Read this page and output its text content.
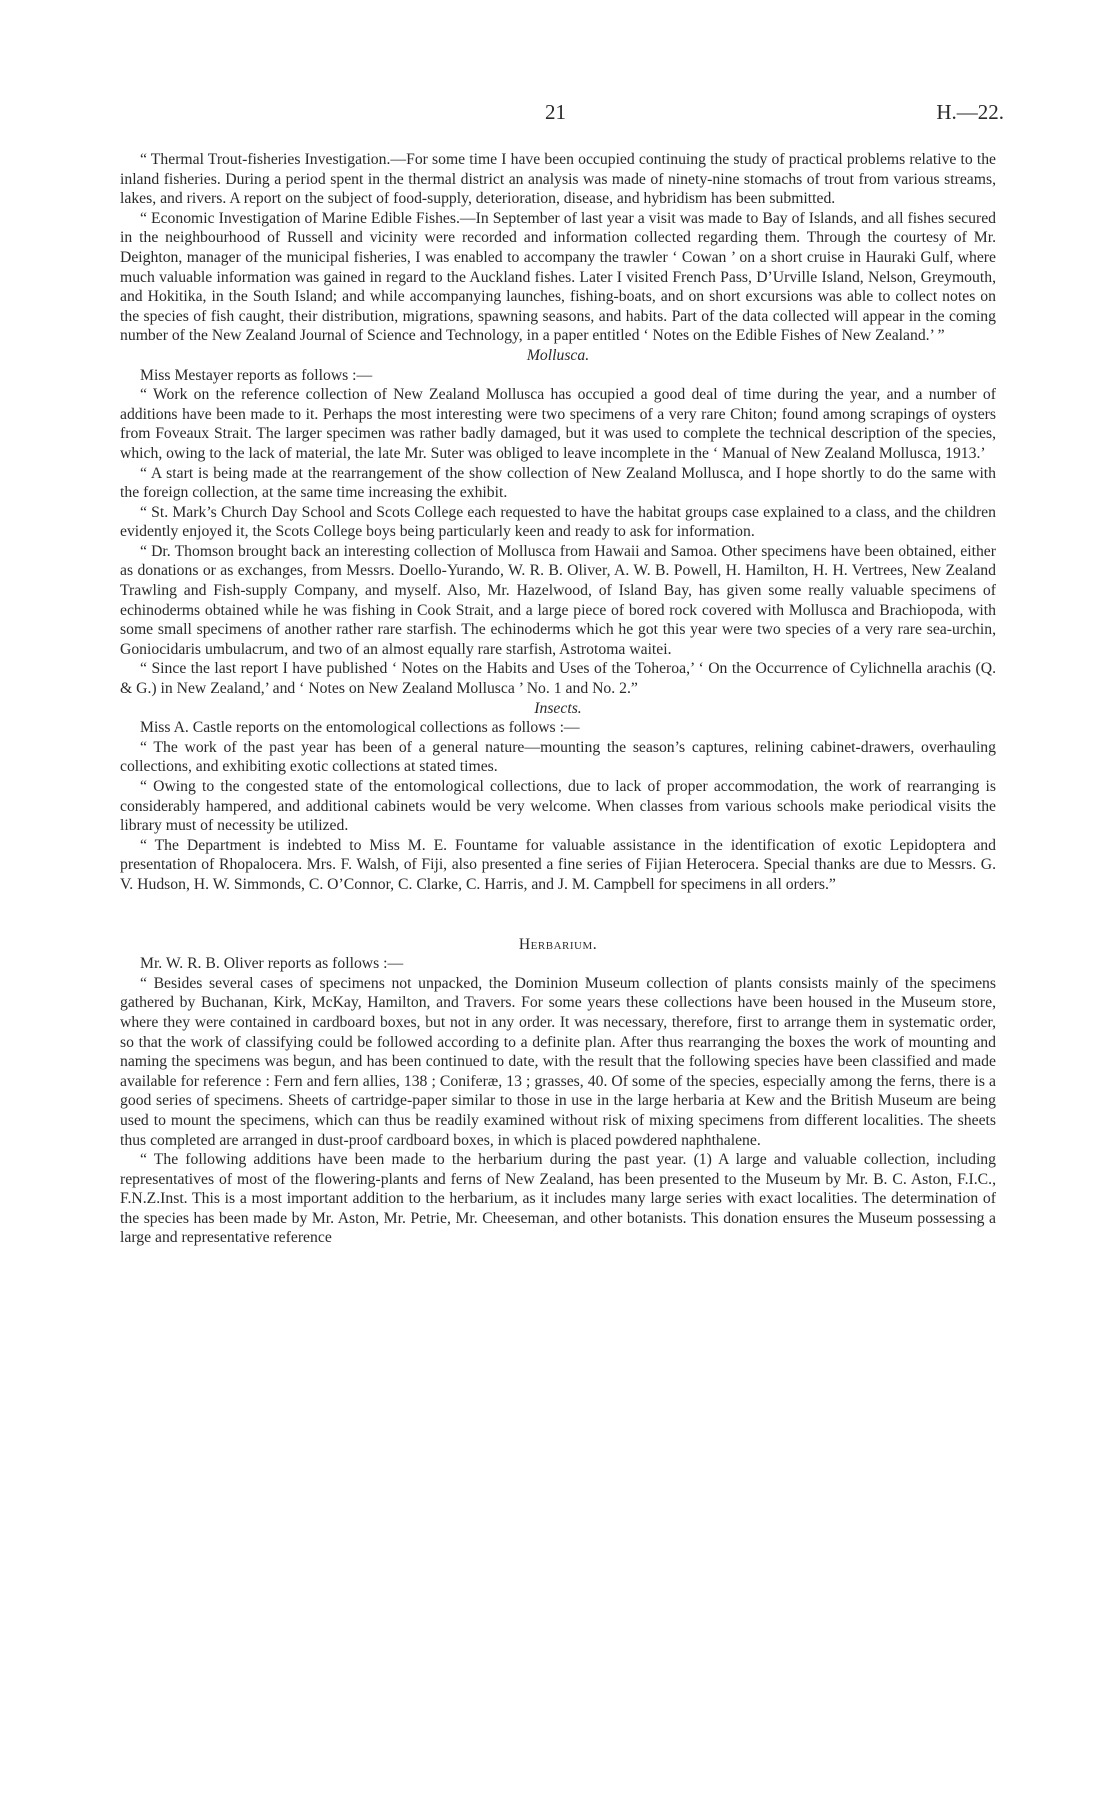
21	H.—22.

“ Thermal Trout-fisheries Investigation.—For some time I have been occupied continuing the study of practical problems relative to the inland fisheries. During a period spent in the thermal district an analysis was made of ninety-nine stomachs of trout from various streams, lakes, and rivers. A report on the subject of food-supply, deterioration, disease, and hybridism has been submitted.

“ Economic Investigation of Marine Edible Fishes.—In September of last year a visit was made to Bay of Islands, and all fishes secured in the neighbourhood of Russell and vicinity were recorded and information collected regarding them. Through the courtesy of Mr. Deighton, manager of the municipal fisheries, I was enabled to accompany the trawler ‘ Cowan ’ on a short cruise in Hauraki Gulf, where much valuable information was gained in regard to the Auckland fishes. Later I visited French Pass, D’Urville Island, Nelson, Greymouth, and Hokitika, in the South Island; and while accompanying launches, fishing-boats, and on short excursions was able to collect notes on the species of fish caught, their distribution, migrations, spawning seasons, and habits. Part of the data collected will appear in the coming number of the New Zealand Journal of Science and Technology, in a paper entitled ‘ Notes on the Edible Fishes of New Zealand.’ ”

Mollusca.

Miss Mestayer reports as follows :—

“ Work on the reference collection of New Zealand Mollusca has occupied a good deal of time during the year, and a number of additions have been made to it. Perhaps the most interesting were two specimens of a very rare Chiton; found among scrapings of oysters from Foveaux Strait. The larger specimen was rather badly damaged, but it was used to complete the technical description of the species, which, owing to the lack of material, the late Mr. Suter was obliged to leave incomplete in the ‘ Manual of New Zealand Mollusca, 1913.’

“ A start is being made at the rearrangement of the show collection of New Zealand Mollusca, and I hope shortly to do the same with the foreign collection, at the same time increasing the exhibit.

“ St. Mark’s Church Day School and Scots College each requested to have the habitat groups case explained to a class, and the children evidently enjoyed it, the Scots College boys being particularly keen and ready to ask for information.

“ Dr. Thomson brought back an interesting collection of Mollusca from Hawaii and Samoa. Other specimens have been obtained, either as donations or as exchanges, from Messrs. Doello-Yurando, W. R. B. Oliver, A. W. B. Powell, H. Hamilton, H. H. Vertrees, New Zealand Trawling and Fish-supply Company, and myself. Also, Mr. Hazelwood, of Island Bay, has given some really valuable specimens of echinoderms obtained while he was fishing in Cook Strait, and a large piece of bored rock covered with Mollusca and Brachiopoda, with some small specimens of another rather rare starfish. The echinoderms which he got this year were two species of a very rare sea-urchin, Goniocidaris umbulacrum, and two of an almost equally rare starfish, Astrotoma waitei.

“ Since the last report I have published ‘ Notes on the Habits and Uses of the Toheroa,’ ‘ On the Occurrence of Cylichnella arachis (Q. & G.) in New Zealand,’ and ‘ Notes on New Zealand Mollusca ’ No. 1 and No. 2.”

Insects.

Miss A. Castle reports on the entomological collections as follows :—

“ The work of the past year has been of a general nature—mounting the season’s captures, relining cabinet-drawers, overhauling collections, and exhibiting exotic collections at stated times.

“ Owing to the congested state of the entomological collections, due to lack of proper accommodation, the work of rearranging is considerably hampered, and additional cabinets would be very welcome. When classes from various schools make periodical visits the library must of necessity be utilized.

“ The Department is indebted to Miss M. E. Fountame for valuable assistance in the identification of exotic Lepidoptera and presentation of Rhopalocera. Mrs. F. Walsh, of Fiji, also presented a fine series of Fijian Heterocera. Special thanks are due to Messrs. G. V. Hudson, H. W. Simmonds, C. O’Connor, C. Clarke, C. Harris, and J. M. Campbell for specimens in all orders.”

Herbarium.

Mr. W. R. B. Oliver reports as follows :—

“ Besides several cases of specimens not unpacked, the Dominion Museum collection of plants consists mainly of the specimens gathered by Buchanan, Kirk, McKay, Hamilton, and Travers. For some years these collections have been housed in the Museum store, where they were contained in cardboard boxes, but not in any order. It was necessary, therefore, first to arrange them in systematic order, so that the work of classifying could be followed according to a definite plan. After thus rearranging the boxes the work of mounting and naming the specimens was begun, and has been continued to date, with the result that the following species have been classified and made available for reference : Fern and fern allies, 138 ; Coniferæ, 13 ; grasses, 40. Of some of the species, especially among the ferns, there is a good series of specimens. Sheets of cartridge-paper similar to those in use in the large herbaria at Kew and the British Museum are being used to mount the specimens, which can thus be readily examined without risk of mixing specimens from different localities. The sheets thus completed are arranged in dust-proof cardboard boxes, in which is placed powdered naphthalene.

“ The following additions have been made to the herbarium during the past year. (1) A large and valuable collection, including representatives of most of the flowering-plants and ferns of New Zealand, has been presented to the Museum by Mr. B. C. Aston, F.I.C., F.N.Z.Inst. This is a most important addition to the herbarium, as it includes many large series with exact localities. The determination of the species has been made by Mr. Aston, Mr. Petrie, Mr. Cheeseman, and other botanists. This donation ensures the Museum possessing a large and representative reference
